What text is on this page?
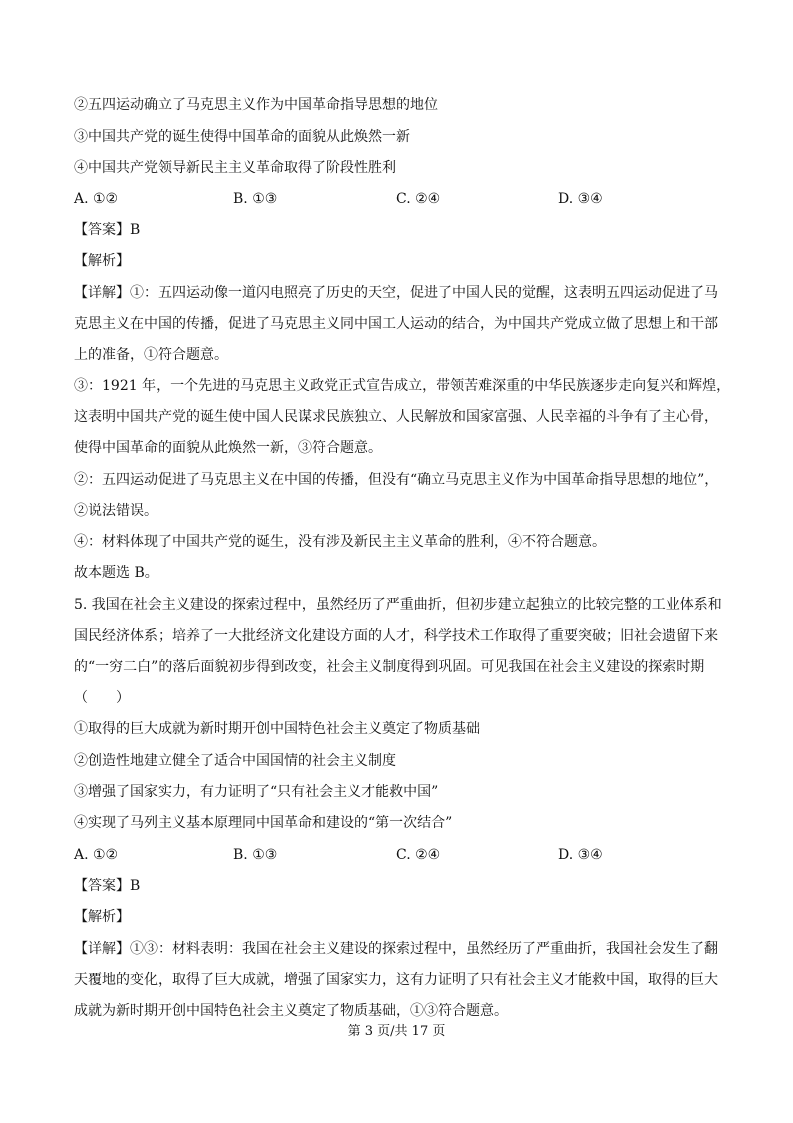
②五四运动确立了马克思主义作为中国革命指导思想的地位
③中国共产党的诞生使得中国革命的面貌从此焕然一新
④中国共产党领导新民主主义革命取得了阶段性胜利
A. ①②	B. ①③	C. ②④	D. ③④
【答案】B
【解析】
【详解】①：五四运动像一道闪电照亮了历史的天空，促进了中国人民的觉醒，这表明五四运动促进了马
克思主义在中国的传播，促进了马克思主义同中国工人运动的结合，为中国共产党成立做了思想上和干部
上的准备，①符合题意。
③：1921 年，一个先进的马克思主义政党正式宣告成立，带领苦难深重的中华民族逐步走向复兴和辉煌，
这表明中国共产党的诞生使中国人民谋求民族独立、人民解放和国家富强、人民幸福的斗争有了主心骨，
使得中国革命的面貌从此焕然一新，③符合题意。
②：五四运动促进了马克思主义在中国的传播，但没有“确立马克思主义作为中国革命指导思想的地位”，
②说法错误。
④：材料体现了中国共产党的诞生，没有涉及新民主主义革命的胜利，④不符合题意。
故本题选 B。
5. 我国在社会主义建设的探索过程中，虽然经历了严重曲折，但初步建立起独立的比较完整的工业体系和
国民经济体系；培养了一大批经济文化建设方面的人才，科学技术工作取得了重要突破；旧社会遗留下来
的“一穷二白”的落后面貌初步得到改变，社会主义制度得到巩固。可见我国在社会主义建设的探索时期
（　　）
①取得的巨大成就为新时期开创中国特色社会主义奠定了物质基础
②创造性地建立健全了适合中国国情的社会主义制度
③增强了国家实力，有力证明了“只有社会主义才能救中国”
④实现了马列主义基本原理同中国革命和建设的“第一次结合”
A. ①②	B. ①③	C. ②④	D. ③④
【答案】B
【解析】
【详解】①③：材料表明：我国在社会主义建设的探索过程中，虽然经历了严重曲折，我国社会发生了翻
天覆地的变化，取得了巨大成就，增强了国家实力，这有力证明了只有社会主义才能救中国，取得的巨大
成就为新时期开创中国特色社会主义奠定了物质基础，①③符合题意。
第 3 页/共 17 页
